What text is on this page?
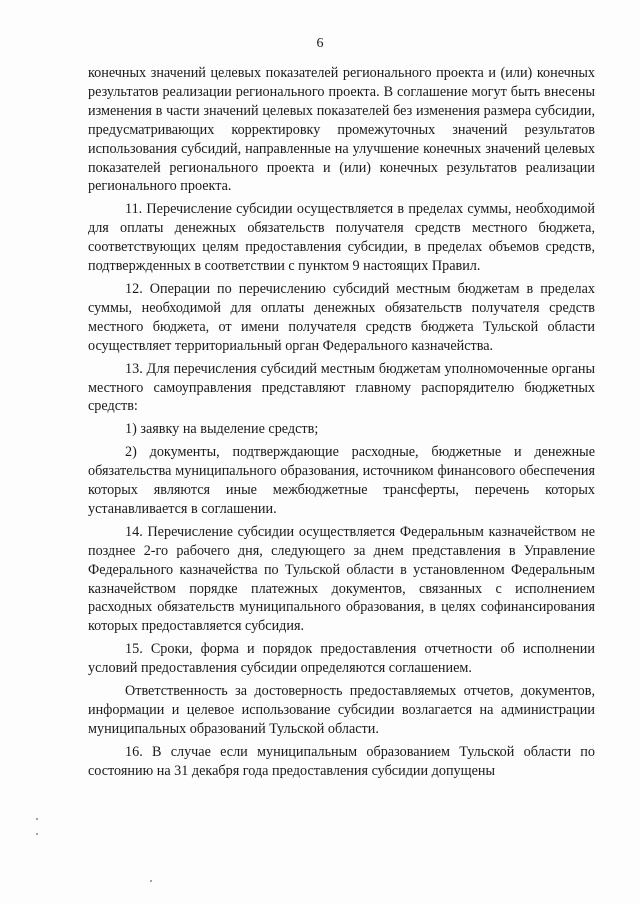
6

конечных значений целевых показателей регионального проекта и (или) конечных результатов реализации регионального проекта. В соглашение могут быть внесены изменения в части значений целевых показателей без изменения размера субсидии, предусматривающих корректировку промежуточных значений результатов использования субсидий, направленные на улучшение конечных значений целевых показателей регионального проекта и (или) конечных результатов реализации регионального проекта.

11. Перечисление субсидии осуществляется в пределах суммы, необходимой для оплаты денежных обязательств получателя средств местного бюджета, соответствующих целям предоставления субсидии, в пределах объемов средств, подтвержденных в соответствии с пунктом 9 настоящих Правил.

12. Операции по перечислению субсидий местным бюджетам в пределах суммы, необходимой для оплаты денежных обязательств получателя средств местного бюджета, от имени получателя средств бюджета Тульской области осуществляет территориальный орган Федерального казначейства.

13. Для перечисления субсидий местным бюджетам уполномоченные органы местного самоуправления представляют главному распорядителю бюджетных средств:

1) заявку на выделение средств;

2) документы, подтверждающие расходные, бюджетные и денежные обязательства муниципального образования, источником финансового обеспечения которых являются иные межбюджетные трансферты, перечень которых устанавливается в соглашении.

14. Перечисление субсидии осуществляется Федеральным казначейством не позднее 2-го рабочего дня, следующего за днем представления в Управление Федерального казначейства по Тульской области в установленном Федеральным казначейством порядке платежных документов, связанных с исполнением расходных обязательств муниципального образования, в целях софинансирования которых предоставляется субсидия.

15. Сроки, форма и порядок предоставления отчетности об исполнении условий предоставления субсидии определяются соглашением.

Ответственность за достоверность предоставляемых отчетов, документов, информации и целевое использование субсидии возлагается на администрации муниципальных образований Тульской области.

16. В случае если муниципальным образованием Тульской области по состоянию на 31 декабря года предоставления субсидии допущены
